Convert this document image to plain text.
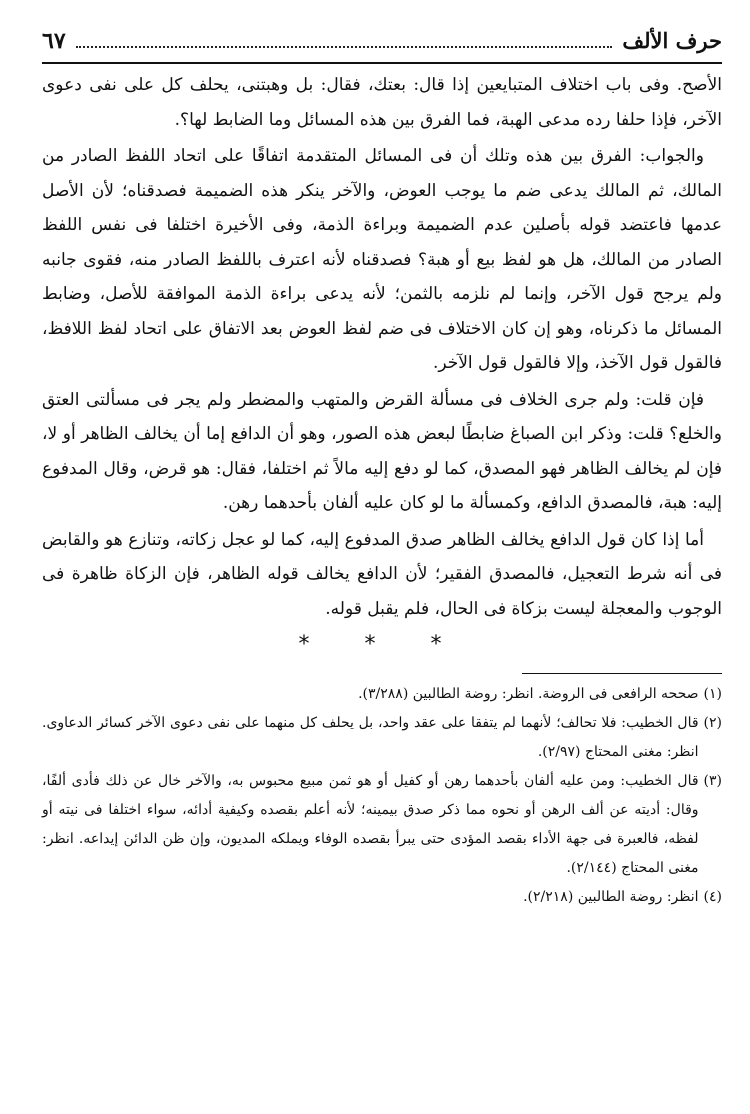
حرف الألف
٦٧

الأصح. وفى باب اختلاف المتبايعين إذا قال: بعتك، فقال: بل وهبتنى، يحلف كل على نفى دعوى الآخر، فإذا حلفا رده مدعى الهبة، فما الفرق بين هذه المسائل وما الضابط لها؟.

والجواب: الفرق بين هذه وتلك أن فى المسائل المتقدمة اتفاقًا على اتحاد اللفظ الصادر من المالك، ثم المالك يدعى ضم ما يوجب العوض، والآخر ينكر هذه الضميمة فصدقناه؛ لأن الأصل عدمها فاعتضد قوله بأصلين عدم الضميمة وبراءة الذمة، وفى الأخيرة اختلفا فى نفس اللفظ الصادر من المالك، هل هو لفظ بيع أو هبة؟ فصدقناه لأنه اعترف باللفظ الصادر منه، فقوى جانبه ولم يرجح قول الآخر، وإنما لم نلزمه بالثمن؛ لأنه يدعى براءة الذمة الموافقة للأصل، وضابط المسائل ما ذكرناه، وهو إن كان الاختلاف فى ضم لفظ العوض بعد الاتفاق على اتحاد لفظ اللافظ، فالقول قول الآخذ، وإلا فالقول قول الآخر.

فإن قلت: ولم جرى الخلاف فى مسألة القرض والمتهب والمضطر ولم يجر فى مسألتى العتق والخلع؟ قلت: وذكر ابن الصباغ ضابطًا لبعض هذه الصور، وهو أن الدافع إما أن يخالف الظاهر أو لا، فإن لم يخالف الظاهر فهو المصدق، كما لو دفع إليه مالاً ثم اختلفا، فقال: هو قرض، وقال المدفوع إليه: هبة، فالمصدق الدافع، وكمسألة ما لو كان عليه ألفان بأحدهما رهن.

أما إذا كان قول الدافع يخالف الظاهر صدق المدفوع إليه، كما لو عجل زكاته، وتنازع هو والقابض فى أنه شرط التعجيل، فالمصدق الفقير؛ لأن الدافع يخالف قوله الظاهر، فإن الزكاة ظاهرة فى الوجوب والمعجلة ليست بزكاة فى الحال، فلم يقبل قوله.

* * *
(١)
صححه الرافعى فى الروضة. انظر: روضة الطالبين (٣/٢٨٨).
(٢)
قال الخطيب: فلا تحالف؛ لأنهما لم يتفقا على عقد واحد، بل يحلف كل منهما على نفى دعوى الآخر كسائر الدعاوى. انظر: مغنى المحتاج (٢/٩٧).
(٣)
قال الخطيب: ومن عليه ألفان بأحدهما رهن أو كفيل أو هو ثمن مبيع محبوس به، والآخر خال عن ذلك فأدى ألفًا، وقال: أديته عن ألف الرهن أو نحوه مما ذكر صدق بيمينه؛ لأنه أعلم بقصده وكيفية أدائه، سواء اختلفا فى نيته أو لفظه، فالعبرة فى جهة الأداء بقصد المؤدى حتى يبرأ بقصده الوفاء ويملكه المديون، وإن ظن الدائن إيداعه. انظر: مغنى المحتاج (٢/١٤٤).
(٤)
انظر: روضة الطالبين (٢/٢١٨).
